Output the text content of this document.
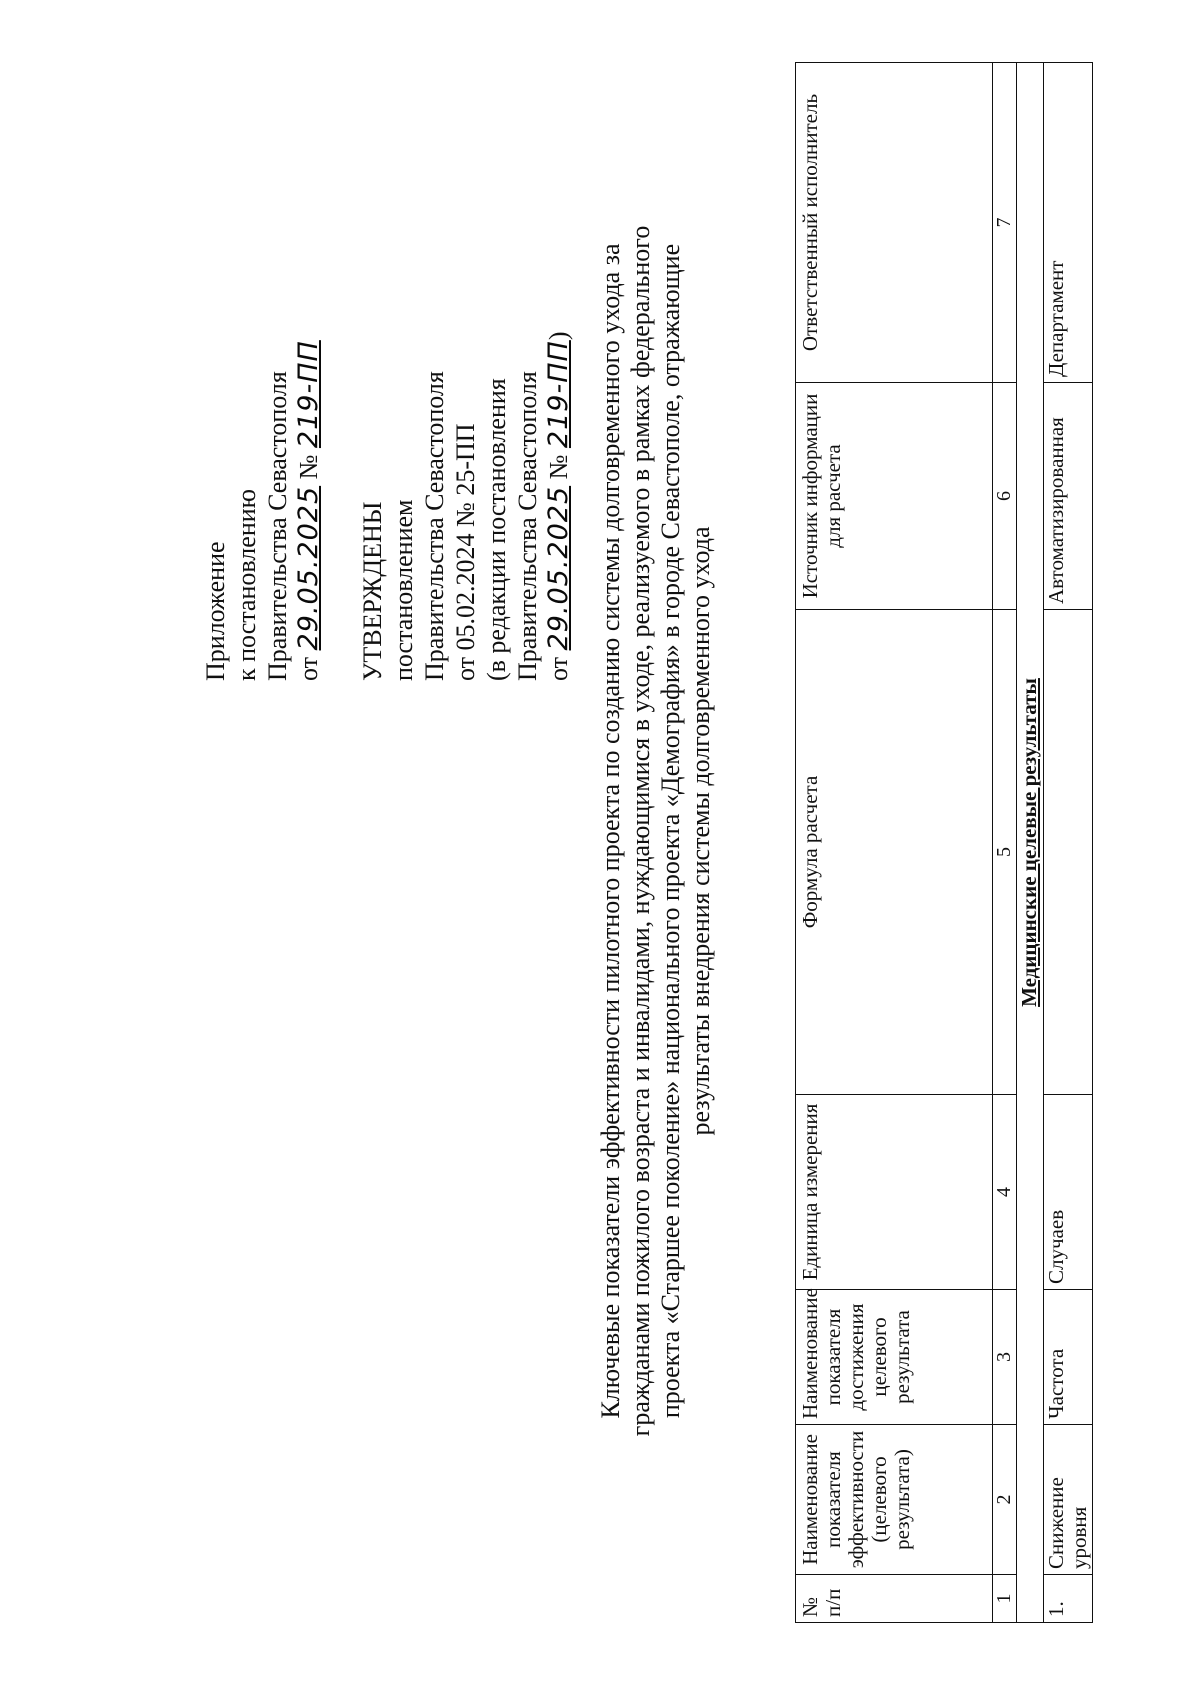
Приложение к постановлению Правительства Севастополя от 29.05.2025 № 219-ПП
УТВЕРЖДЕНЫ постановлением Правительства Севастополя от 05.02.2024 № 25-ПП (в редакции постановления Правительства Севастополя от 29.05.2025 № 219-ПП) Ключевые показатели эффективности пилотного проекта по созданию системы долговременного ухода за гражданами пожилого возраста и инвалидами, нуждающимися в уходе, реализуемого в рамках федерального проекта «Старшее поколение» национального проекта «Демография» в городе Севастополе, отражающие результаты внедрения системы долговременного ухода
№ п/п	Наименование показателя эффективности (целевого результата)	Наименование показателя достижения целевого результата	Единица измерения	Формула расчета	Источник информации для расчета	Ответственный исполнитель
1	2	3	4	5	6	7
Медицинские целевые результаты						
1.	Снижение уровня	Частота	Случаев		Автоматизированная	Департамент
